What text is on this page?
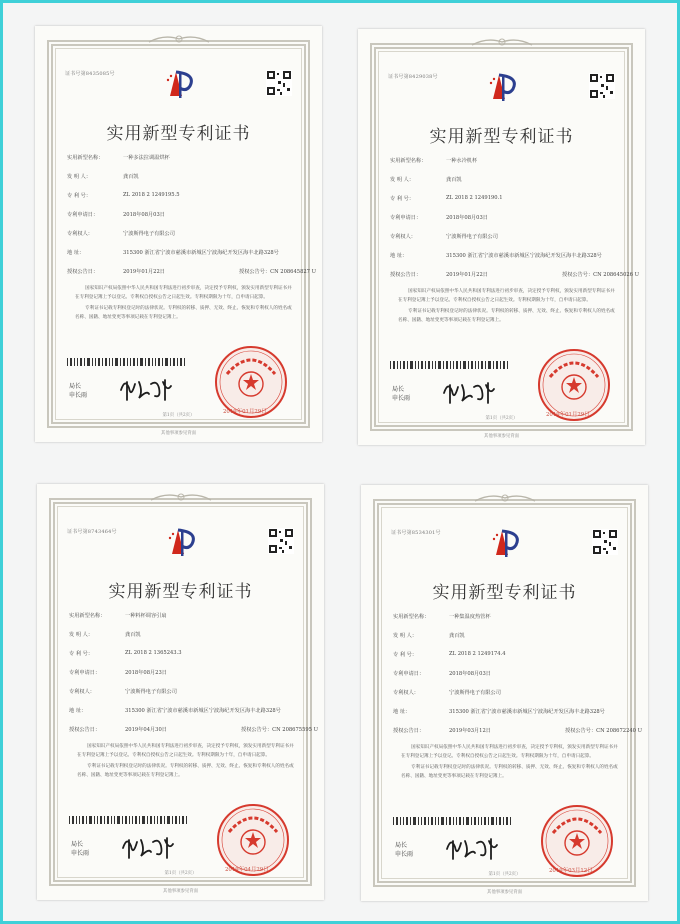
证书号第8435085号
实用新型专利证书
实用新型名称：	一种多法拉调温烘杯
发 明 人：	龚百凯
专 利 号：	ZL 2018 2 1249195.5
专利申请日：	2018年08月03日
专利权人：	宁波斯得电子有限公司
地 址：	315300 浙江省宁波市慈溪市新城区宁波海纪开发区海丰北路328号
授权公告日：	2019年01月22日	授权公告号：CN 208645827 U

国家知识产权局依照中华人民共和国专利法进行初步审查，决定授予专利权，颁发实用新型专利证书并在专利登记簿上予以登记。专利权自授权公告之日起生效。专利权期限为十年，自申请日起算。

专利证书记载专利权登记时的法律状况。专利权的转移、质押、无效、终止、恢复和专利权人的姓名或名称、国籍、地址变更等事项记载在专利登记簿上。

局长
申长雨
2019年01月29日
第1页（共2页）
其他事项参见背面
证书号第8429038号
实用新型专利证书
实用新型名称：	一种水冷机杯
发 明 人：	龚百凯
专 利 号：	ZL 2018 2 1249190.1
专利申请日：	2018年08月03日
专利权人：	宁波斯得电子有限公司
地 址：	315300 浙江省宁波市慈溪市新城区宁波海纪开发区海丰北路328号
授权公告日：	2019年01月22日	授权公告号：CN 208645026 U

国家知识产权局依照中华人民共和国专利法进行初步审查，决定授予专利权，颁发实用新型专利证书并在专利登记簿上予以登记。专利权自授权公告之日起生效。专利权期限为十年，自申请日起算。

专利证书记载专利权登记时的法律状况。专利权的转移、质押、无效、终止、恢复和专利权人的姓名或名称、国籍、地址变更等事项记载在专利登记簿上。

局长
申长雨
2019年01月29日
第1页（共2页）
其他事项参见背面
证书号第8743464号
实用新型专利证书
实用新型名称：	一种料杯调容引扇
发 明 人：	龚百凯
专 利 号：	ZL 2018 2 1365243.3
专利申请日：	2018年08月23日
专利权人：	宁波斯得电子有限公司
地 址：	315300 浙江省宁波市慈溪市新城区宁波海纪开发区海丰北路328号
授权公告日：	2019年04月30日	授权公告号：CN 208675595 U

国家知识产权局依照中华人民共和国专利法进行初步审查，决定授予专利权，颁发实用新型专利证书并在专利登记簿上予以登记。专利权自授权公告之日起生效。专利权期限为十年，自申请日起算。

专利证书记载专利权登记时的法律状况。专利权的转移、质押、无效、终止、恢复和专利权人的姓名或名称、国籍、地址变更等事项记载在专利登记簿上。

局长
申长雨
2019年04月29日
第1页（共2页）
其他事项参见背面
证书号第8534301号
实用新型专利证书
实用新型名称：	一种集温度热管杯
发 明 人：	龚百凯
专 利 号：	ZL 2018 2 1249174.4
专利申请日：	2018年08月03日
专利权人：	宁波斯得电子有限公司
地 址：	315300 浙江省宁波市慈溪市新城区宁波海纪开发区海丰北路328号
授权公告日：	2019年03月12日	授权公告号：CN 208672240 U

国家知识产权局依照中华人民共和国专利法进行初步审查，决定授予专利权，颁发实用新型专利证书并在专利登记簿上予以登记。专利权自授权公告之日起生效。专利权期限为十年，自申请日起算。

专利证书记载专利权登记时的法律状况。专利权的转移、质押、无效、终止、恢复和专利权人的姓名或名称、国籍、地址变更等事项记载在专利登记簿上。

局长
申长雨
2019年03月12日
第1页（共2页）
其他事项参见背面
